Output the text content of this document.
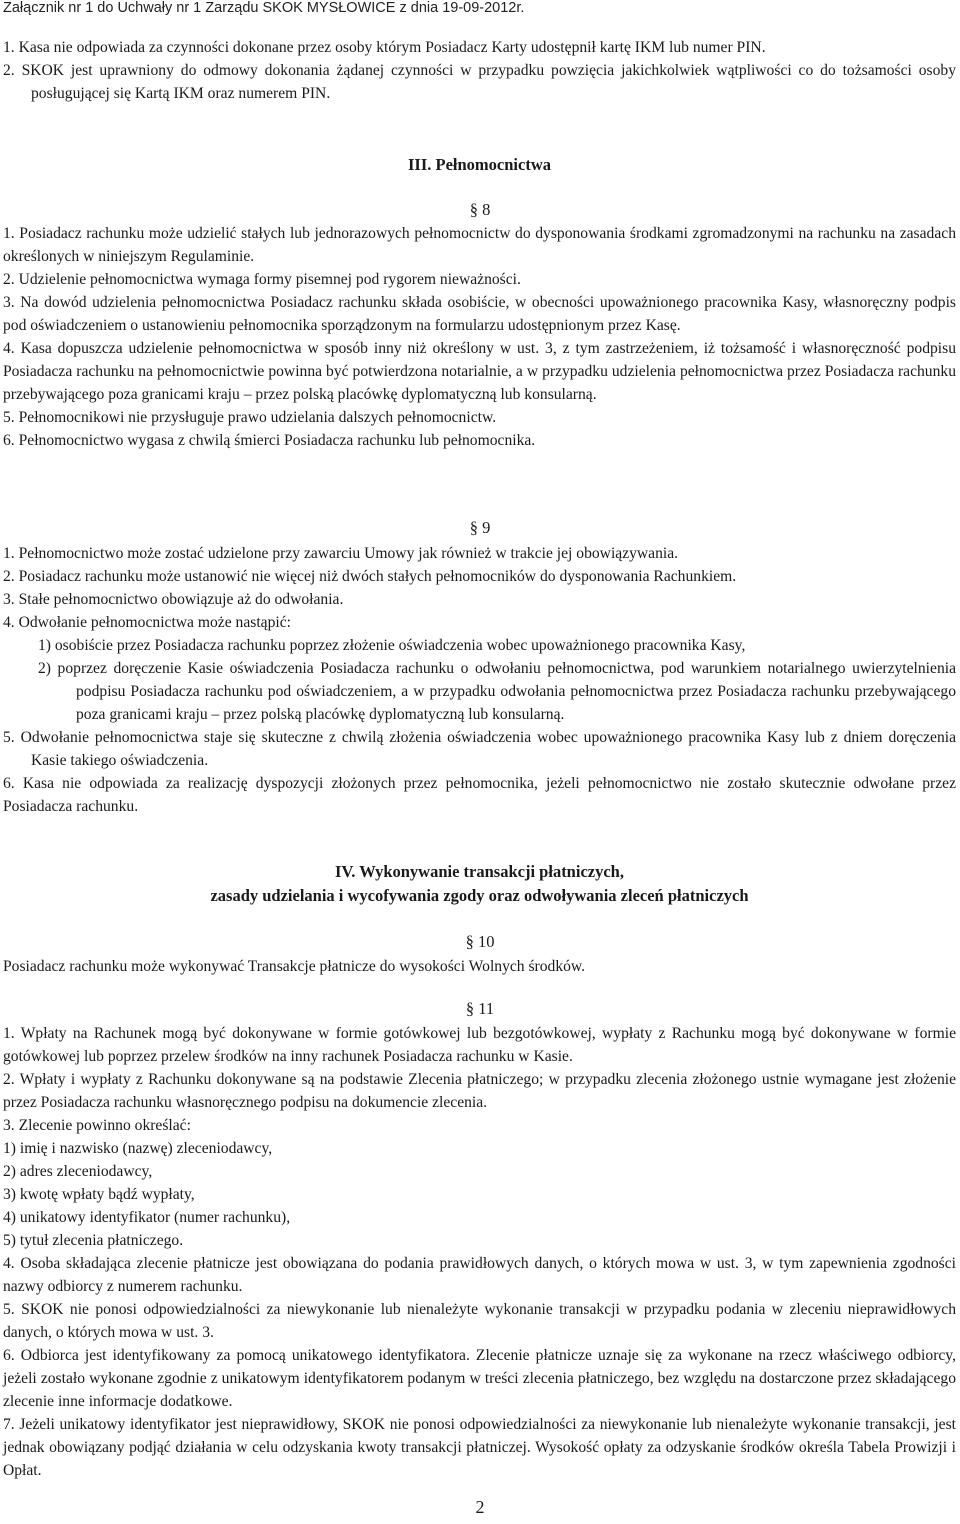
Załącznik nr 1 do Uchwały nr 1 Zarządu SKOK MYSŁOWICE z dnia 19-09-2012r.

1. Kasa nie odpowiada za czynności dokonane przez osoby którym Posiadacz Karty udostępnił kartę IKM lub numer PIN.

2. SKOK jest uprawniony do odmowy dokonania żądanej czynności w przypadku powzięcia jakichkolwiek wątpliwości co do tożsamości osoby posługującej się Kartą IKM oraz numerem PIN.

III. Pełnomocnictwa
§ 8

1. Posiadacz rachunku może udzielić stałych lub jednorazowych pełnomocnictw do dysponowania środkami zgromadzonymi na rachunku na zasadach określonych w niniejszym Regulaminie.

2. Udzielenie pełnomocnictwa wymaga formy pisemnej pod rygorem nieważności.

3. Na dowód udzielenia pełnomocnictwa Posiadacz rachunku składa osobiście, w obecności upoważnionego pracownika Kasy, własnoręczny podpis pod oświadczeniem o ustanowieniu pełnomocnika sporządzonym na formularzu udostępnionym przez Kasę.

4. Kasa dopuszcza udzielenie pełnomocnictwa w sposób inny niż określony w ust. 3, z tym zastrzeżeniem, iż tożsamość i własnoręczność podpisu Posiadacza rachunku na pełnomocnictwie powinna być potwierdzona notarialnie, a w przypadku udzielenia pełnomocnictwa przez Posiadacza rachunku przebywającego poza granicami kraju – przez polską placówkę dyplomatyczną lub konsularną.

5. Pełnomocnikowi nie przysługuje prawo udzielania dalszych pełnomocnictw.

6. Pełnomocnictwo wygasa z chwilą śmierci Posiadacza rachunku lub pełnomocnika.

§ 9

1. Pełnomocnictwo może zostać udzielone przy zawarciu Umowy jak również w trakcie jej obowiązywania.

2. Posiadacz rachunku może ustanowić nie więcej niż dwóch stałych pełnomocników do dysponowania Rachunkiem.

3. Stałe pełnomocnictwo obowiązuje aż do odwołania.

4. Odwołanie pełnomocnictwa może nastąpić:

1) osobiście przez Posiadacza rachunku poprzez złożenie oświadczenia wobec upoważnionego pracownika Kasy,

2) poprzez doręczenie Kasie oświadczenia Posiadacza rachunku o odwołaniu pełnomocnictwa, pod warunkiem notarialnego uwierzytelnienia podpisu Posiadacza rachunku pod oświadczeniem, a w przypadku odwołania pełnomocnictwa przez Posiadacza rachunku przebywającego poza granicami kraju – przez polską placówkę dyplomatyczną lub konsularną.

5. Odwołanie pełnomocnictwa staje się skuteczne z chwilą złożenia oświadczenia wobec upoważnionego pracownika Kasy lub z dniem doręczenia Kasie takiego oświadczenia.

6. Kasa nie odpowiada za realizację dyspozycji złożonych przez pełnomocnika, jeżeli pełnomocnictwo nie zostało skutecznie odwołane przez Posiadacza rachunku.

IV. Wykonywanie transakcji płatniczych,
zasady udzielania i wycofywania zgody oraz odwoływania zleceń płatniczych
§ 10

Posiadacz rachunku może wykonywać Transakcje płatnicze do wysokości Wolnych środków.

§ 11

1. Wpłaty na Rachunek mogą być dokonywane w formie gotówkowej lub bezgotówkowej, wypłaty z Rachunku mogą być dokonywane w formie gotówkowej lub poprzez przelew środków na inny rachunek Posiadacza rachunku w Kasie.

2. Wpłaty i wypłaty z Rachunku dokonywane są na podstawie Zlecenia płatniczego; w przypadku zlecenia złożonego ustnie wymagane jest złożenie przez Posiadacza rachunku własnoręcznego podpisu na dokumencie zlecenia.

3. Zlecenie powinno określać:

1) imię i nazwisko (nazwę) zleceniodawcy,

2) adres zleceniodawcy,

3) kwotę wpłaty bądź wypłaty,

4) unikatowy identyfikator (numer rachunku),

5) tytuł zlecenia płatniczego.

4. Osoba składająca zlecenie płatnicze jest obowiązana do podania prawidłowych danych, o których mowa w ust. 3, w tym zapewnienia zgodności nazwy odbiorcy z numerem rachunku.

5. SKOK nie ponosi odpowiedzialności za niewykonanie lub nienależyte wykonanie transakcji w przypadku podania w zleceniu nieprawidłowych danych, o których mowa w ust. 3.

6. Odbiorca jest identyfikowany za pomocą unikatowego identyfikatora. Zlecenie płatnicze uznaje się za wykonane na rzecz właściwego odbiorcy, jeżeli zostało wykonane zgodnie z unikatowym identyfikatorem podanym w treści zlecenia płatniczego, bez względu na dostarczone przez składającego zlecenie inne informacje dodatkowe.

7. Jeżeli unikatowy identyfikator jest nieprawidłowy, SKOK nie ponosi odpowiedzialności za niewykonanie lub nienależyte wykonanie transakcji, jest jednak obowiązany podjąć działania w celu odzyskania kwoty transakcji płatniczej. Wysokość opłaty za odzyskanie środków określa Tabela Prowizji i Opłat.

2
